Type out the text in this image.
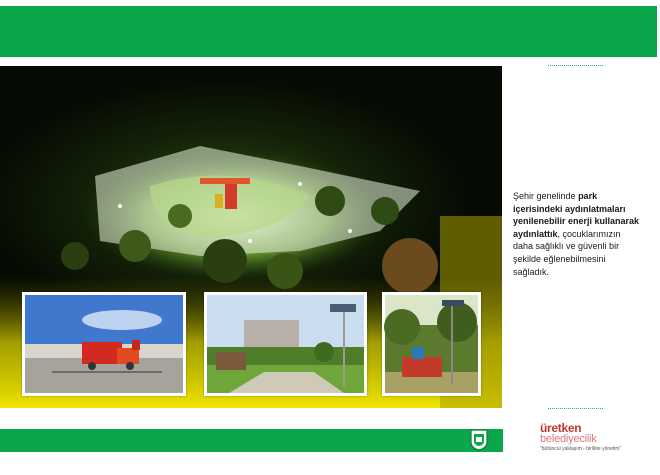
Şehir genelinde park içerisindeki aydınlatmaları yenilenebilir enerji kullanarak aydınlattık, çocuklarımızın daha sağlıklı ve güvenli bir şekilde eğlenebilmesini sağladık.
üretken
belediyecilik
"bütüncül yaklaşım - birlikte yönetim"
